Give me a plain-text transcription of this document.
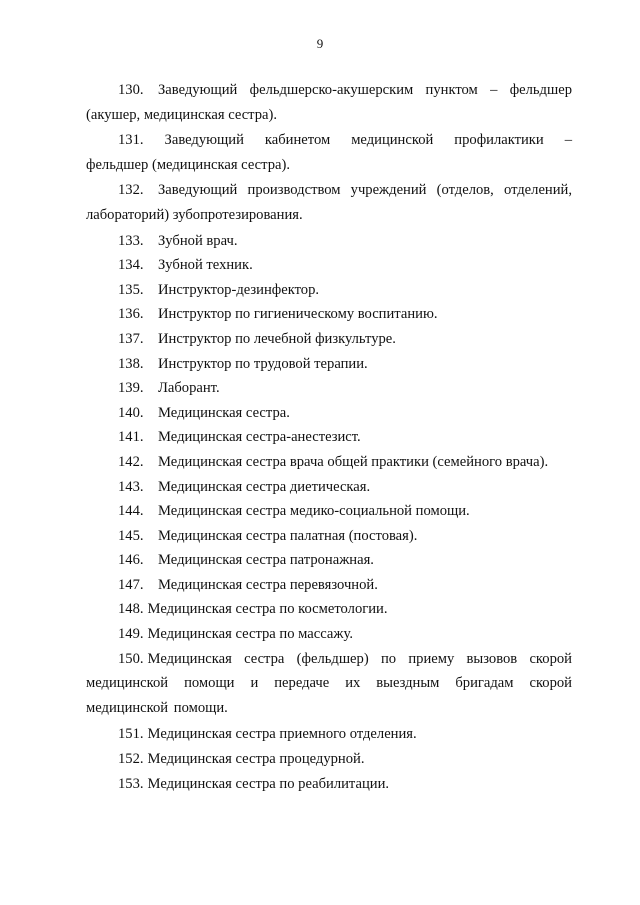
9

130. Заведующий фельдшерско-акушерским пунктом – фельдшер (акушер, медицинская сестра).

131. Заведующий кабинетом медицинской профилактики –
фельдшер (медицинская сестра).

132. Заведующий производством учреждений (отделов, отделений, лабораторий) зубопротезирования.

133. Зубной врач.

134. Зубной техник.

135. Инструктор-дезинфектор.

136. Инструктор по гигиеническому воспитанию.

137. Инструктор по лечебной физкультуре.

138. Инструктор по трудовой терапии.

139. Лаборант.

140. Медицинская сестра.

141. Медицинская сестра-анестезист.

142. Медицинская сестра врача общей практики (семейного врача).

143. Медицинская сестра диетическая.

144. Медицинская сестра медико-социальной помощи.

145. Медицинская сестра палатная (постовая).

146. Медицинская сестра патронажная.

147. Медицинская сестра перевязочной.

148. Медицинская сестра по косметологии.

149. Медицинская сестра по массажу.

150. Медицинская сестра (фельдшер) по приему вызовов скорой медицинской помощи и передаче их выездным бригадам скорой медицинской помощи.

151. Медицинская сестра приемного отделения.

152. Медицинская сестра процедурной.

153. Медицинская сестра по реабилитации.
